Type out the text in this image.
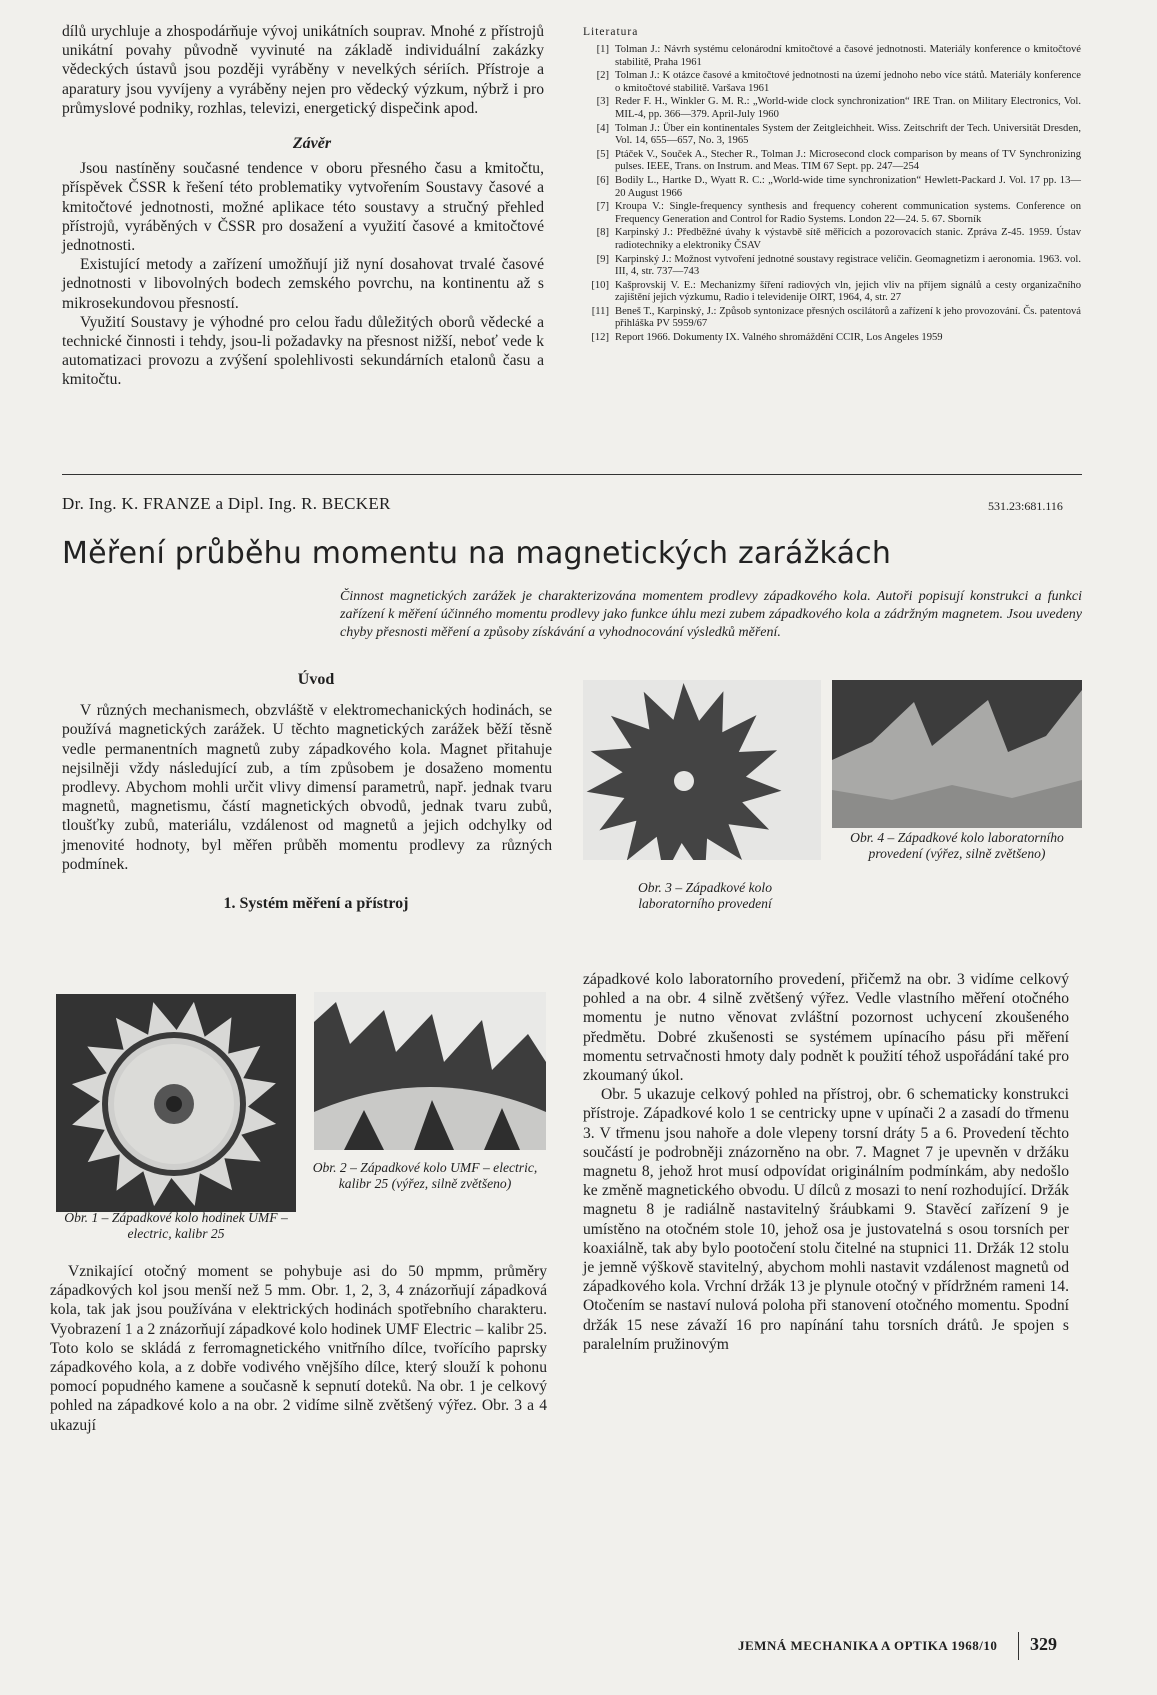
dílů urychluje a zhospodárňuje vývoj unikátních souprav. Mnohé z přístrojů unikátní povahy původně vyvinuté na základě individuální zakázky vědeckých ústavů jsou později vyráběny v nevelkých sériích. Přístroje a aparatury jsou vyvíjeny a vyráběny nejen pro vědecký výzkum, nýbrž i pro průmyslové podniky, rozhlas, televizi, energetický dispečink apod.

Závěr

Jsou nastíněny současné tendence v oboru přesného času a kmitočtu, příspěvek ČSSR k řešení této problematiky vytvořením Soustavy časové a kmitočtové jednotnosti, možné aplikace této soustavy a stručný přehled přístrojů, vyráběných v ČSSR pro dosažení a využití časové a kmitočtové jednotnosti.

Existující metody a zařízení umožňují již nyní dosahovat trvalé časové jednotnosti v libovolných bodech zemského povrchu, na kontinentu až s mikrosekundovou přesností.

Využití Soustavy je výhodné pro celou řadu důležitých oborů vědecké a technické činnosti i tehdy, jsou-li požadavky na přesnost nižší, neboť vede k automatizaci provozu a zvýšení spolehlivosti sekundárních etalonů času a kmitočtu.

Literatura
[1] Tolman J.: Návrh systému celonárodní kmitočtové a časové jednotnosti. Materiály konference o kmitočtové stabilitě, Praha 1961
[2] Tolman J.: K otázce časové a kmitočtové jednotnosti na území jednoho nebo více států. Materiály konference o kmitočtové stabilitě. Varšava 1961
[3] Reder F. H., Winkler G. M. R.: „World-wide clock synchronization“ IRE Tran. on Military Electronics, Vol. MIL-4, pp. 366—379. April-July 1960
[4] Tolman J.: Über ein kontinentales System der Zeitgleichheit. Wiss. Zeitschrift der Tech. Universität Dresden, Vol. 14, 655—657, No. 3, 1965
[5] Ptáček V., Souček A., Stecher R., Tolman J.: Microsecond clock comparison by means of TV Synchronizing pulses. IEEE, Trans. on Instrum. and Meas. TIM 67 Sept. pp. 247—254
[6] Bodily L., Hartke D., Wyatt R. C.: „World-wide time synchronization“ Hewlett-Packard J. Vol. 17 pp. 13—20 August 1966
[7] Kroupa V.: Single-frequency synthesis and frequency coherent communication systems. Conference on Frequency Generation and Control for Radio Systems. London 22—24. 5. 67. Sborník
[8] Karpinský J.: Předběžné úvahy k výstavbě sítě měřicích a pozorovacích stanic. Zpráva Z-45. 1959. Ústav radiotechniky a elektroniky ČSAV
[9] Karpinský J.: Možnost vytvoření jednotné soustavy registrace veličin. Geomagnetizm i aeronomia. 1963. vol. III, 4, str. 737—743
[10] Kašprovskij V. E.: Mechanizmy šíření radiových vln, jejich vliv na příjem signálů a cesty organizačního zajištění jejich výzkumu, Radio i televidenije OIRT, 1964, 4, str. 27
[11] Beneš T., Karpinský, J.: Způsob syntonizace přesných oscilátorů a zařízení k jeho provozování. Čs. patentová přihláška PV 5959/67
[12] Report 1966. Dokumenty IX. Valného shromáždění CCIR, Los Angeles 1959
Dr. Ing. K. FRANZE a Dipl. Ing. R. BECKER	531.23:681.116
Měření průběhu momentu na magnetických zarážkách
Činnost magnetických zarážek je charakterizována momentem prodlevy západkového kola. Autoři popisují konstrukci a funkci zařízení k měření účinného momentu prodlevy jako funkce úhlu mezi zubem západkového kola a zádržným magnetem. Jsou uvedeny chyby přesnosti měření a způsoby získávání a vyhodnocování výsledků měření.

Úvod

V různých mechanismech, obzvláště v elektromechanických hodinách, se používá magnetických zarážek. U těchto magnetických zarážek běží těsně vedle permanentních magnetů zuby západkového kola. Magnet přitahuje nejsilněji vždy následující zub, a tím způsobem je dosaženo momentu prodlevy. Abychom mohli určit vlivy dimensí parametrů, např. jednak tvaru magnetů, magnetismu, částí magnetických obvodů, jednak tvaru zubů, tloušťky zubů, materiálu, vzdálenost od magnetů a jejich odchylky od jmenovité hodnoty, byl měřen průběh momentu prodlevy za různých podmínek.

1. Systém měření a přístroj

Obr. 1 – Západkové kolo hodinek UMF – electric, kalibr 25
Obr. 2 – Západkové kolo UMF – electric, kalibr 25 (výřez, silně zvětšeno)

Vznikající otočný moment se pohybuje asi do 50 mpmm, průměry západkových kol jsou menší než 5 mm. Obr. 1, 2, 3, 4 znázorňují západková kola, tak jak jsou používána v elektrických hodinách spotřebního charakteru. Vyobrazení 1 a 2 znázorňují západkové kolo hodinek UMF Electric – kalibr 25. Toto kolo se skládá z ferromagnetického vnitřního dílce, tvořícího paprsky západkového kola, a z dobře vodivého vnějšího dílce, který slouží k pohonu pomocí popudného kamene a současně k sepnutí doteků. Na obr. 1 je celkový pohled na západkové kolo a na obr. 2 vidíme silně zvětšený výřez. Obr. 3 a 4 ukazují

Obr. 3 – Západkové kolo laboratorního provedení
Obr. 4 – Západkové kolo laboratorního provedení (výřez, silně zvětšeno)

západkové kolo laboratorního provedení, přičemž na obr. 3 vidíme celkový pohled a na obr. 4 silně zvětšený výřez. Vedle vlastního měření otočného momentu je nutno věnovat zvláštní pozornost uchycení zkoušeného předmětu. Dobré zkušenosti se systémem upínacího pásu při měření momentu setrvačnosti hmoty daly podnět k použití téhož uspořádání také pro zkoumaný úkol.

Obr. 5 ukazuje celkový pohled na přístroj, obr. 6 schematicky konstrukci přístroje. Západkové kolo 1 se centricky upne v upínači 2 a zasadí do třmenu 3. V třmenu jsou nahoře a dole vlepeny torsní dráty 5 a 6. Provedení těchto součástí je podrobněji znázorněno na obr. 7. Magnet 7 je upevněn v držáku magnetu 8, jehož hrot musí odpovídat originálním podmínkám, aby nedošlo ke změně magnetického obvodu. U dílců z mosazi to není rozhodující. Držák magnetu 8 je radiálně nastavitelný šráubkami 9. Stavěcí zařízení 9 je umístěno na otočném stole 10, jehož osa je justovatelná s osou torsních per koaxiálně, tak aby bylo pootočení stolu čitelné na stupnici 11. Držák 12 stolu je jemně výškově stavitelný, abychom mohli nastavit vzdálenost magnetů od západkového kola. Vrchní držák 13 je plynule otočný v přídržném rameni 14. Otočením se nastaví nulová poloha při stanovení otočného momentu. Spodní držák 15 nese závaží 16 pro napínání tahu torsních drátů. Je spojen s paralelním pružinovým

JEMNÁ MECHANIKA A OPTIKA 1968/10 329
